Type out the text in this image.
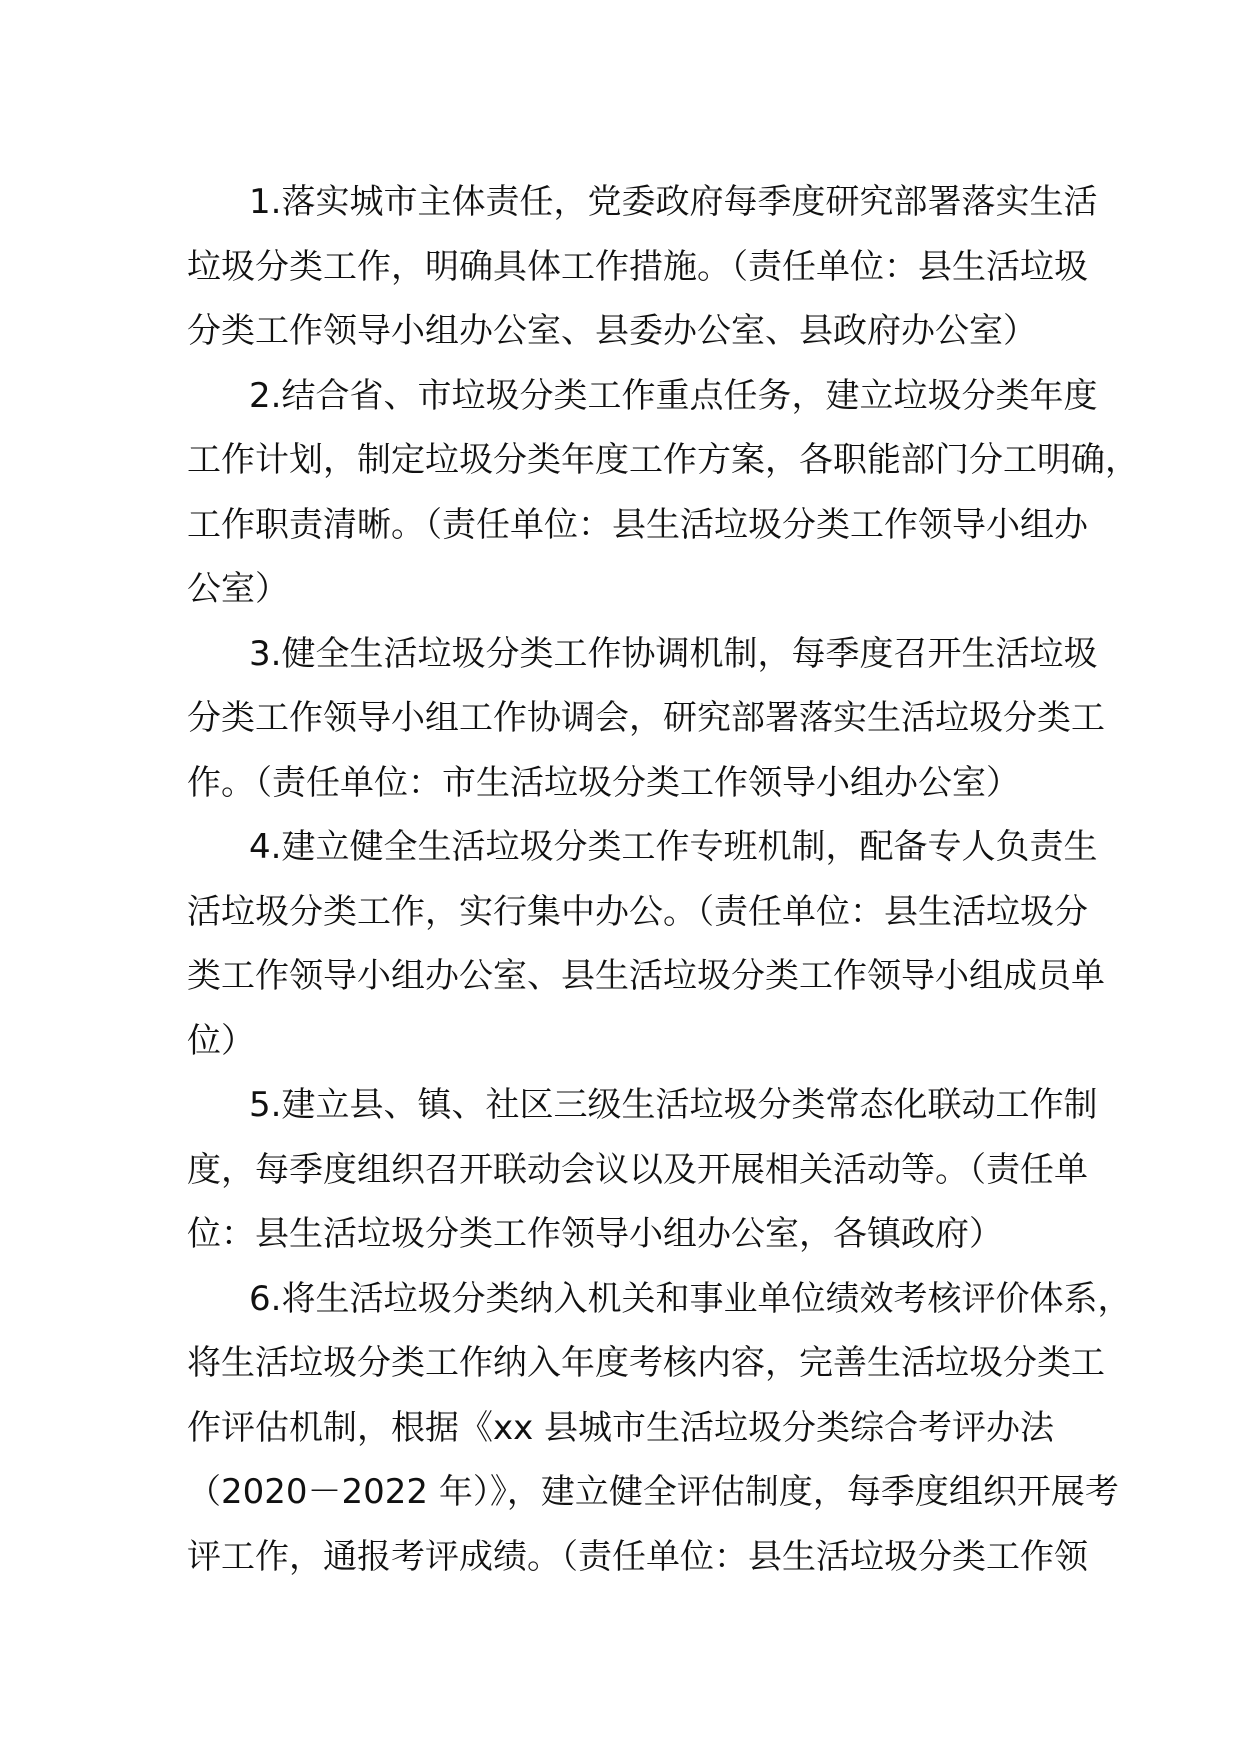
1.落实城市主体责任，党委政府每季度研究部署落实生活
垃圾分类工作，明确具体工作措施。（责任单位：县生活垃圾
分类工作领导小组办公室、县委办公室、县政府办公室）
2.结合省、市垃圾分类工作重点任务，建立垃圾分类年度
工作计划，制定垃圾分类年度工作方案，各职能部门分工明确，
工作职责清晰。（责任单位：县生活垃圾分类工作领导小组办
公室）
3.健全生活垃圾分类工作协调机制，每季度召开生活垃圾
分类工作领导小组工作协调会，研究部署落实生活垃圾分类工
作。（责任单位：市生活垃圾分类工作领导小组办公室）
4.建立健全生活垃圾分类工作专班机制，配备专人负责生
活垃圾分类工作，实行集中办公。（责任单位：县生活垃圾分
类工作领导小组办公室、县生活垃圾分类工作领导小组成员单
位）
5.建立县、镇、社区三级生活垃圾分类常态化联动工作制
度，每季度组织召开联动会议以及开展相关活动等。（责任单
位：县生活垃圾分类工作领导小组办公室，各镇政府）
6.将生活垃圾分类纳入机关和事业单位绩效考核评价体系，
将生活垃圾分类工作纳入年度考核内容，完善生活垃圾分类工
作评估机制，根据《xx 县城市生活垃圾分类综合考评办法
（2020－2022 年）》，建立健全评估制度，每季度组织开展考
评工作，通报考评成绩。（责任单位：县生活垃圾分类工作领
